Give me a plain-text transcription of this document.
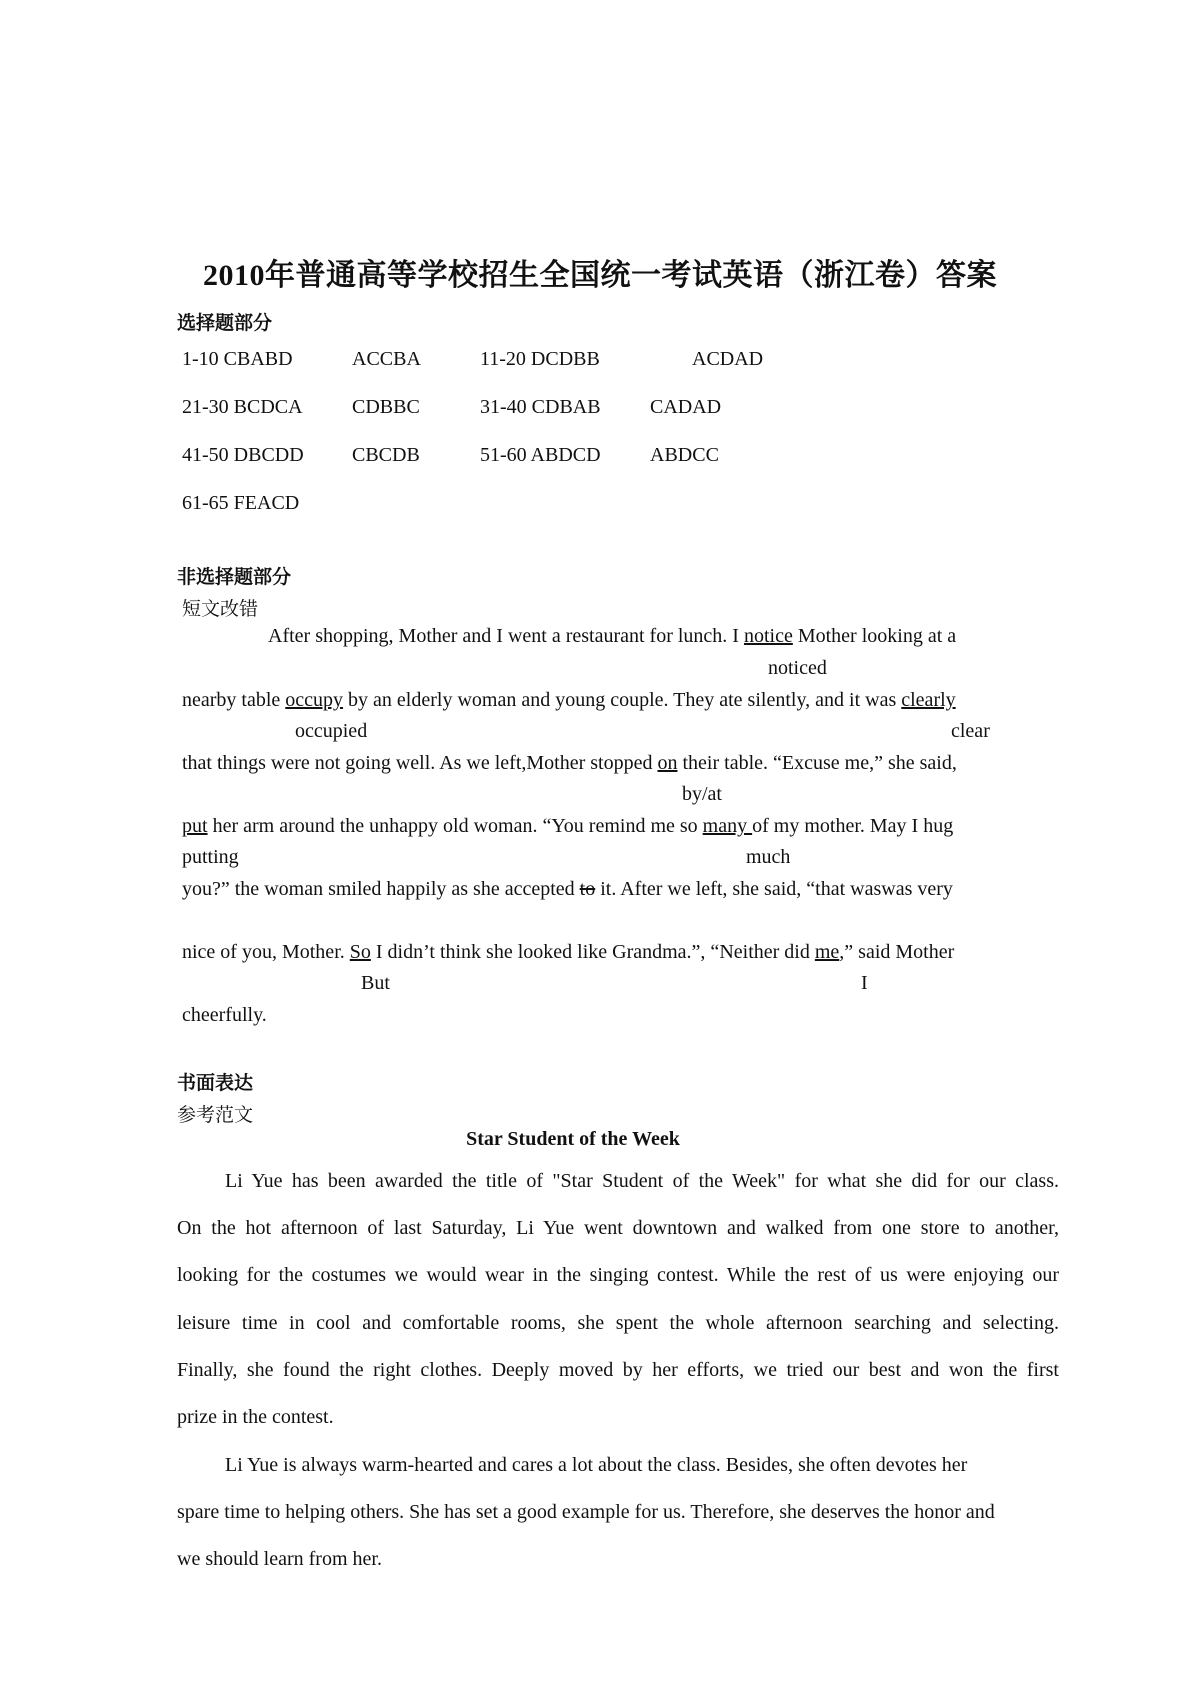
2010年普通高等学校招生全国统一考试英语（浙江卷）答案
选择题部分
1-10 CBABD	ACCBA	11-20 DCDBB	ACDAD
21-30 BCDCA CDBBC	31-40 CDBAB CADAD
41-50 DBCDD CBCDB	51-60 ABDCD ABDCC
61-65 FEACD
非选择题部分
短文改错
After shopping, Mother and I went a restaurant for lunch. I notice Mother looking at a
noticed
nearby table occupy by an elderly woman and young couple. They ate silently, and it was clearly
occupied	clear
that things were not going well. As we left,Mother stopped on their table. “Excuse me,” she said,
by/at
put her arm around the unhappy old woman. “You remind me so many of my mother. May I hug
putting	much
you?” the woman smiled happily as she accepted to it. After we left, she said, “that waswas very
nice of you, Mother. So I didn’t think she looked like Grandma.”, “Neither did me,” said Mother
But	I
cheerfully.
书面表达
参考范文
Star Student of the Week
Li Yue has been awarded the title of "Star Student of the Week" for what she did for our class.
On the hot afternoon of last Saturday, Li Yue went downtown and walked from one store to another,
looking for the costumes we would wear in the singing contest. While the rest of us were enjoying our
leisure time in cool and comfortable rooms, she spent the whole afternoon searching and selecting.
Finally, she found the right clothes. Deeply moved by her efforts, we tried our best and won the first
prize in the contest.
Li Yue is always warm-hearted and cares a lot about the class. Besides, she often devotes her
spare time to helping others. She has set a good example for us. Therefore, she deserves the honor and
we should learn from her.
